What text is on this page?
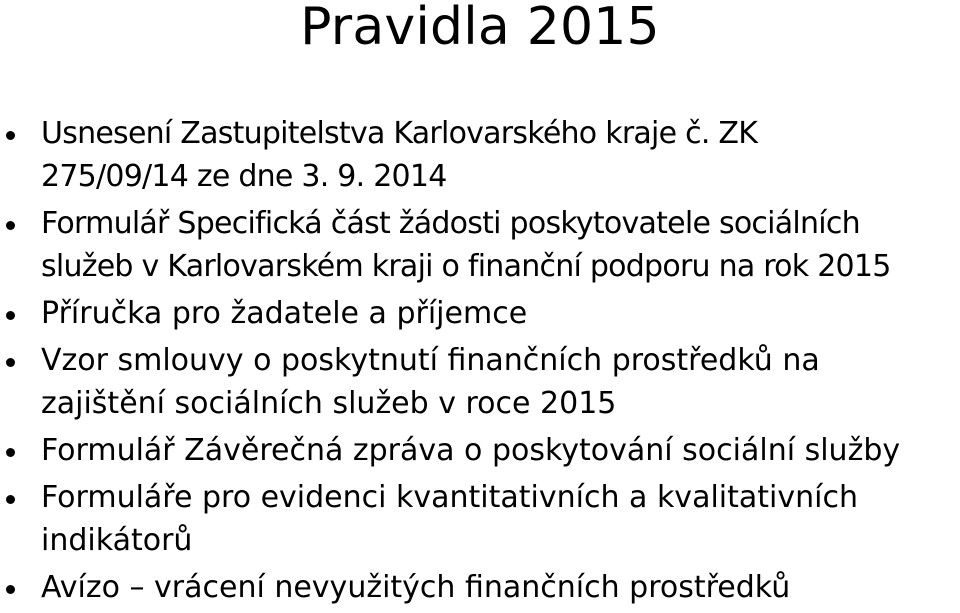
Pravidla 2015
Usnesení Zastupitelstva Karlovarského kraje č. ZK
275/09/14 ze dne 3. 9. 2014
Formulář Specifická část žádosti poskytovatele sociálních
služeb v Karlovarském kraji o finanční podporu na rok 2015
Příručka pro žadatele a příjemce
Vzor smlouvy o poskytnutí finančních prostředků na
zajištění sociálních služeb v roce 2015
Formulář Závěrečná zpráva o poskytování sociální služby
Formuláře pro evidenci kvantitativních a kvalitativních
indikátorů
Avízo – vrácení nevyužitých finančních prostředků
